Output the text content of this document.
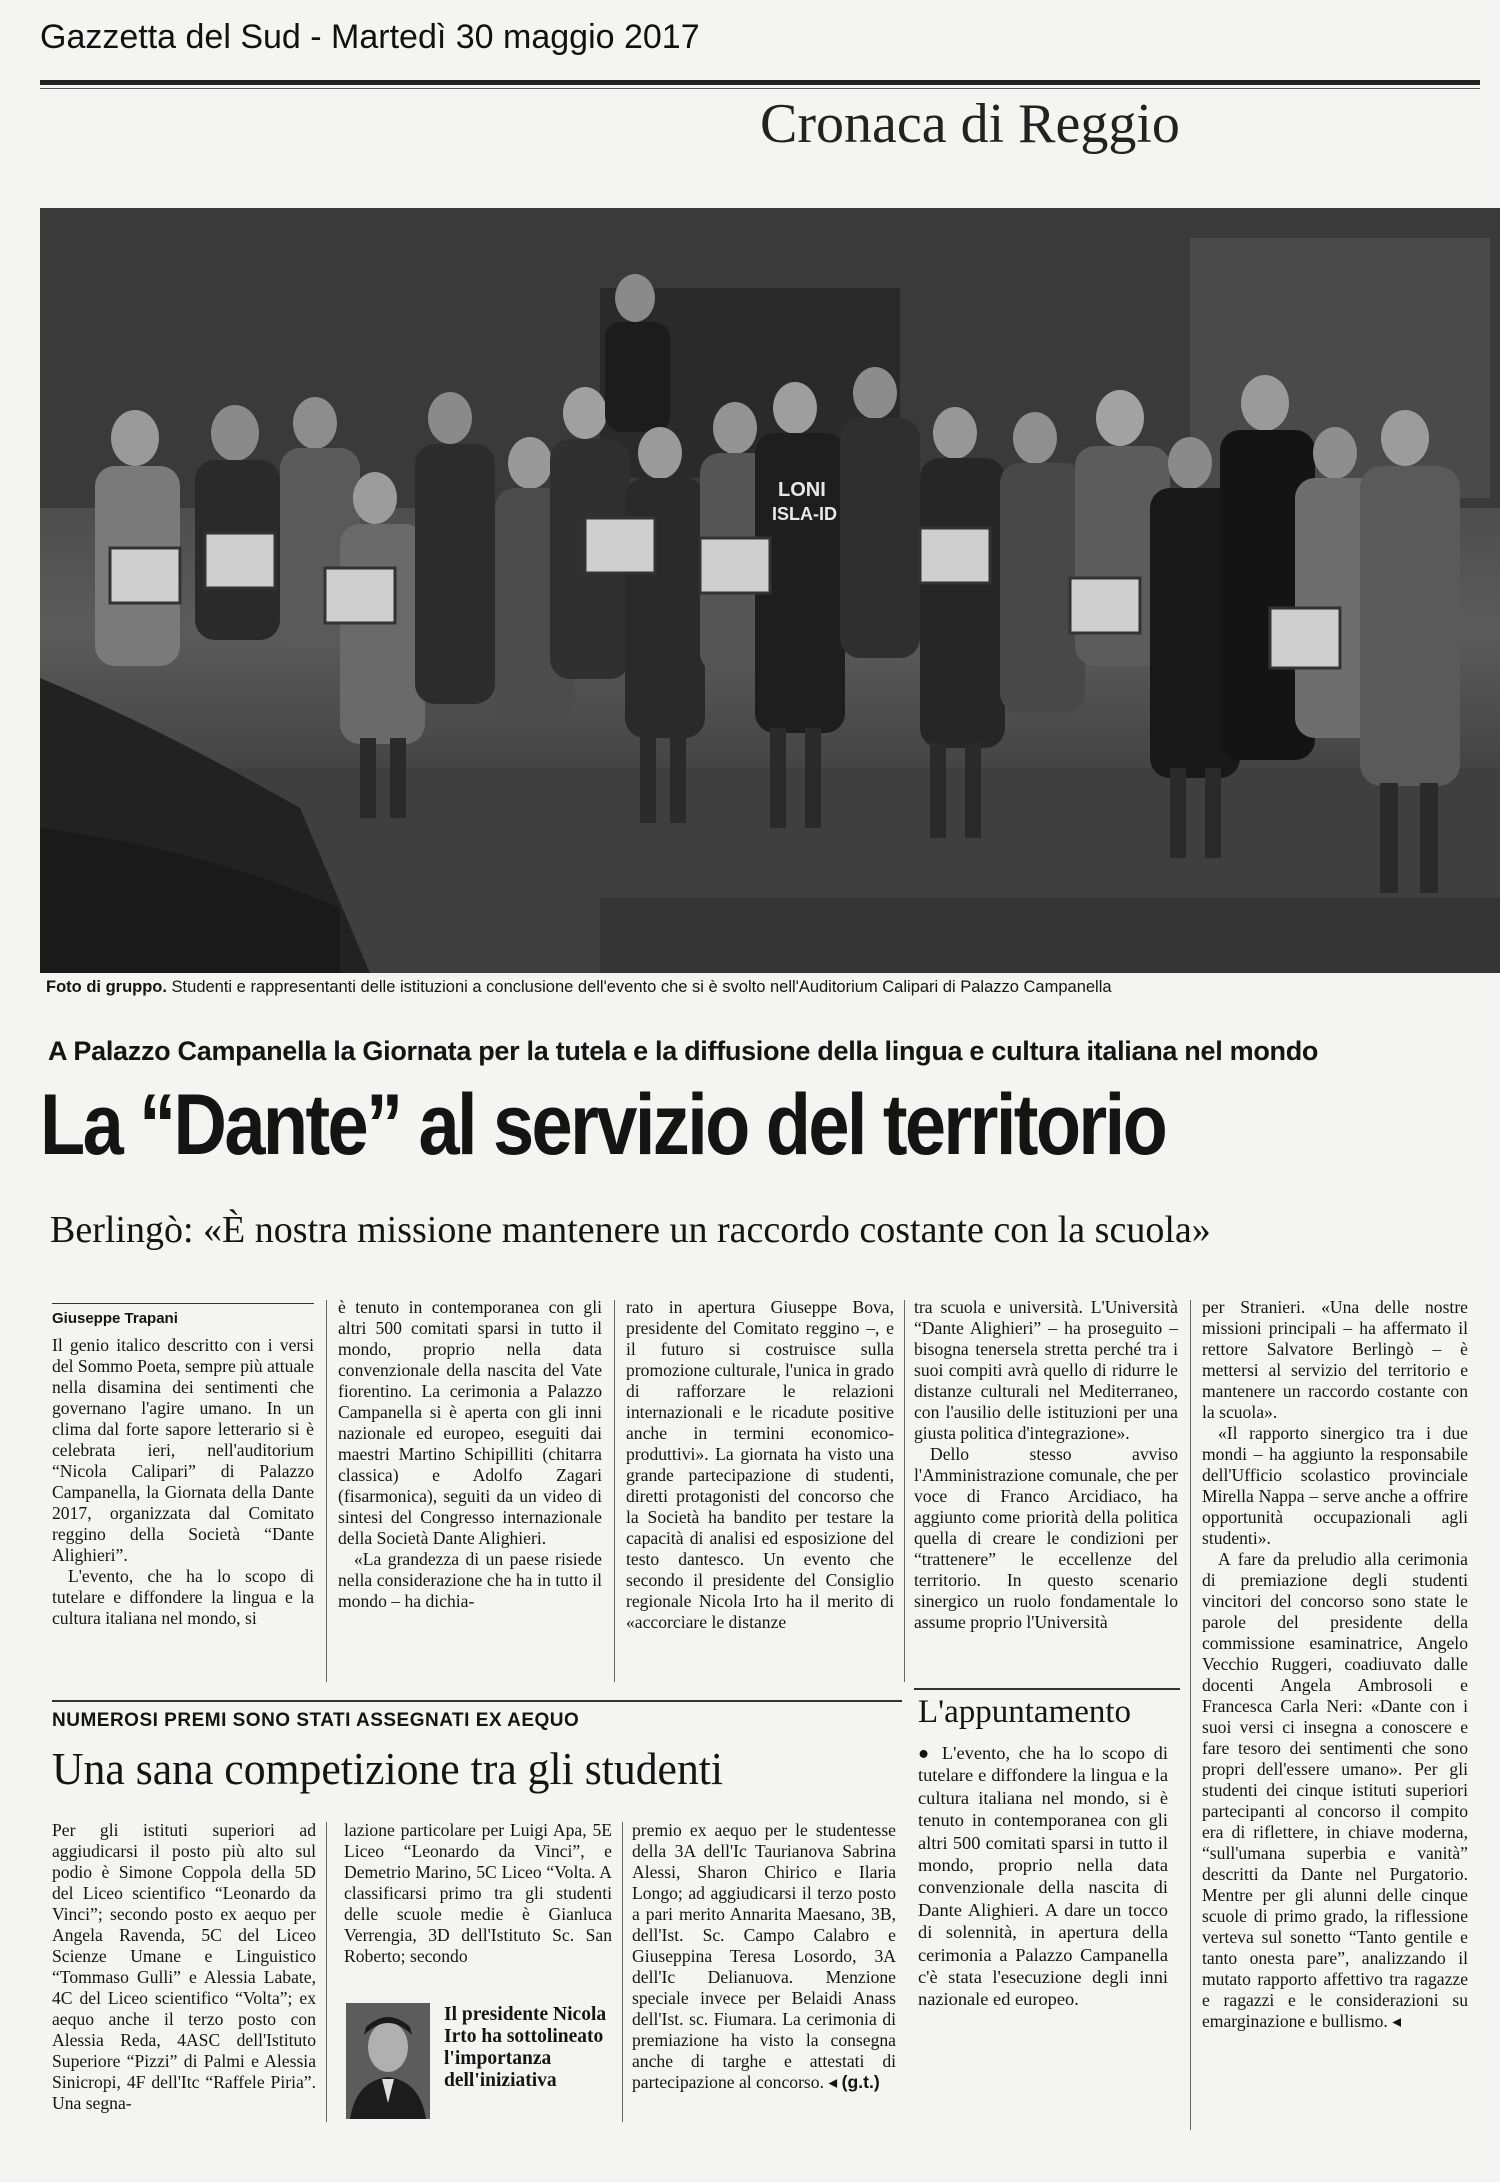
Gazzetta del Sud - Martedì 30 maggio 2017
Cronaca di Reggio
LONI
ISLA-ID
Foto di gruppo. Studenti e rappresentanti delle istituzioni a conclusione dell'evento che si è svolto nell'Auditorium Calipari di Palazzo Campanella
A Palazzo Campanella la Giornata per la tutela e la diffusione della lingua e cultura italiana nel mondo
La “Dante” al servizio del territorio
Berlingò: «È nostra missione mantenere un raccordo costante con la scuola»
Giuseppe Trapani

Il genio italico descritto con i versi del Sommo Poeta, sempre più attuale nella disamina dei sentimenti che governano l'agire umano. In un clima dal forte sapore letterario si è celebrata ieri, nell'auditorium “Nicola Calipari” di Palazzo Campanella, la Giornata della Dante 2017, organizzata dal Comitato reggino della Società “Dante Alighieri”.

L'evento, che ha lo scopo di tutelare e diffondere la lingua e la cultura italiana nel mondo, si

è tenuto in contemporanea con gli altri 500 comitati sparsi in tutto il mondo, proprio nella data convenzionale della nascita del Vate fiorentino. La cerimonia a Palazzo Campanella si è aperta con gli inni nazionale ed europeo, eseguiti dai maestri Martino Schipilliti (chitarra classica) e Adolfo Zagari (fisarmonica), seguiti da un video di sintesi del Congresso internazionale della Società Dante Alighieri.

«La grandezza di un paese risiede nella considerazione che ha in tutto il mondo – ha dichia-

rato in apertura Giuseppe Bova, presidente del Comitato reggino –, e il futuro si costruisce sulla promozione culturale, l'unica in grado di rafforzare le relazioni internazionali e le ricadute positive anche in termini economico-produttivi». La giornata ha visto una grande partecipazione di studenti, diretti protagonisti del concorso che la Società ha bandito per testare la capacità di analisi ed esposizione del testo dantesco. Un evento che secondo il presidente del Consiglio regionale Nicola Irto ha il merito di «accorciare le distanze

tra scuola e università. L'Università “Dante Alighieri” – ha proseguito – bisogna tenersela stretta perché tra i suoi compiti avrà quello di ridurre le distanze culturali nel Mediterraneo, con l'ausilio delle istituzioni per una giusta politica d'integrazione».

Dello stesso avviso l'Amministrazione comunale, che per voce di Franco Arcidiaco, ha aggiunto come priorità della politica quella di creare le condizioni per “trattenere” le eccellenze del territorio. In questo scenario sinergico un ruolo fondamentale lo assume proprio l'Università

per Stranieri. «Una delle nostre missioni principali – ha affermato il rettore Salvatore Berlingò – è mettersi al servizio del territorio e mantenere un raccordo costante con la scuola».

«Il rapporto sinergico tra i due mondi – ha aggiunto la responsabile dell'Ufficio scolastico provinciale Mirella Nappa – serve anche a offrire opportunità occupazionali agli studenti».

A fare da preludio alla cerimonia di premiazione degli studenti vincitori del concorso sono state le parole del presidente della commissione esaminatrice, Angelo Vecchio Ruggeri, coadiuvato dalle docenti Angela Ambrosoli e Francesca Carla Neri: «Dante con i suoi versi ci insegna a conoscere e fare tesoro dei sentimenti che sono propri dell'essere umano». Per gli studenti dei cinque istituti superiori partecipanti al concorso il compito era di riflettere, in chiave moderna, “sull'umana superbia e vanità” descritti da Dante nel Purgatorio. Mentre per gli alunni delle cinque scuole di primo grado, la riflessione verteva sul sonetto “Tanto gentile e tanto onesta pare”, analizzando il mutato rapporto affettivo tra ragazze e ragazzi e le considerazioni su emarginazione e bullismo. ◂

NUMEROSI PREMI SONO STATI ASSEGNATI EX AEQUO
Una sana competizione tra gli studenti

Per gli istituti superiori ad aggiudicarsi il posto più alto sul podio è Simone Coppola della 5D del Liceo scientifico “Leonardo da Vinci”; secondo posto ex aequo per Angela Ravenda, 5C del Liceo Scienze Umane e Linguistico “Tommaso Gulli” e Alessia Labate, 4C del Liceo scientifico “Volta”; ex aequo anche il terzo posto con Alessia Reda, 4ASC dell'Istituto Superiore “Pizzi” di Palmi e Alessia Sinicropi, 4F dell'Itc “Raffele Piria”. Una segna-

lazione particolare per Luigi Apa, 5E Liceo “Leonardo da Vinci”, e Demetrio Marino, 5C Liceo “Volta. A classificarsi primo tra gli studenti delle scuole medie è Gianluca Verrengia, 3D dell'Istituto Sc. San Roberto; secondo

premio ex aequo per le studentesse della 3A dell'Ic Taurianova Sabrina Alessi, Sharon Chirico e Ilaria Longo; ad aggiudicarsi il terzo posto a pari merito Annarita Maesano, 3B, dell'Ist. Sc. Campo Calabro e Giuseppina Teresa Losordo, 3A dell'Ic Delianuova. Menzione speciale invece per Belaidi Anass dell'Ist. sc. Fiumara. La cerimonia di premiazione ha visto la consegna anche di targhe e attestati di partecipazione al concorso. ◂ (g.t.)

Il presidente Nicola Irto ha sottolineato l'importanza dell'iniziativa
L'appuntamento

● L'evento, che ha lo scopo di tutelare e diffondere la lingua e la cultura italiana nel mondo, si è tenuto in contemporanea con gli altri 500 comitati sparsi in tutto il mondo, proprio nella data convenzionale della nascita di Dante Alighieri. A dare un tocco di solennità, in apertura della cerimonia a Palazzo Campanella c'è stata l'esecuzione degli inni nazionale ed europeo.
